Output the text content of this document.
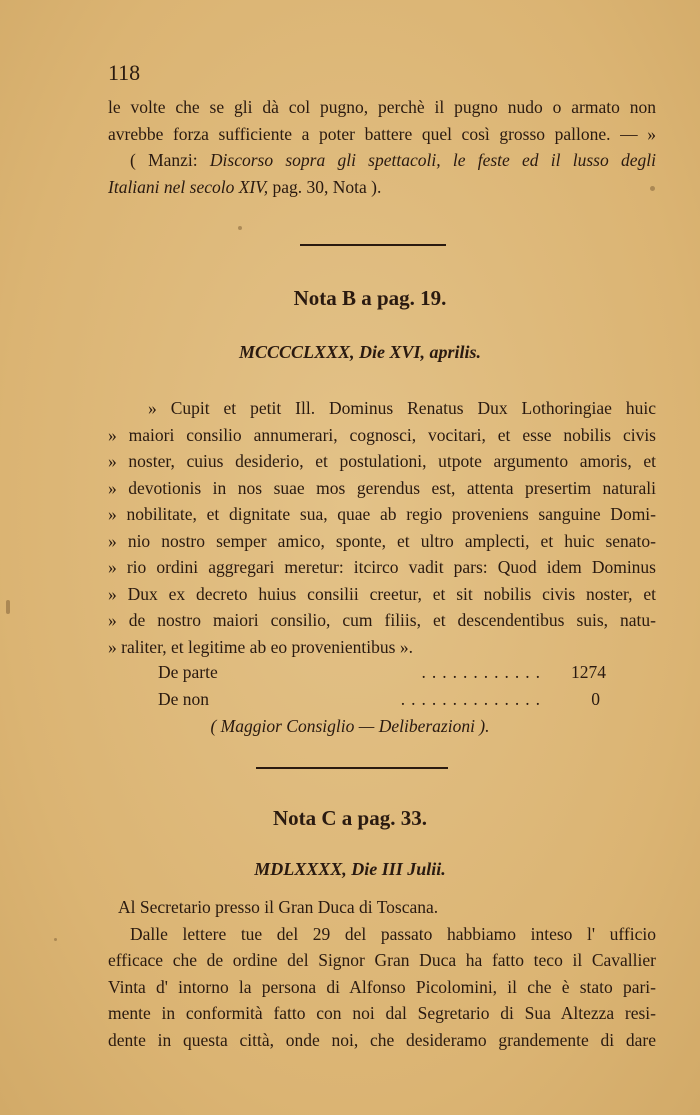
118
le volte che se gli dà col pugno, perchè il pugno nudo o armato non
avrebbe forza sufficiente a poter battere quel così grosso pallone. — »
( Manzi: Discorso sopra gli spettacoli, le feste ed il lusso degli
Italiani nel secolo XIV, pag. 30, Nota ).
Nota B a pag. 19.
MCCCCLXXX, Die XVI, aprilis.
» Cupit et petit Ill. Dominus Renatus Dux Lothoringiae huic
» maiori consilio annumerari, cognosci, vocitari, et esse nobilis civis
» noster, cuius desiderio, et postulationi, utpote argumento amoris, et
» devotionis in nos suae mos gerendus est, attenta presertim naturali
» nobilitate, et dignitate sua, quae ab regio proveniens sanguine Domi-
» nio nostro semper amico, sponte, et ultro amplecti, et huic senato-
» rio ordini aggregari meretur: itcirco vadit pars: Quod idem Dominus
» Dux ex decreto huius consilii creetur, et sit nobilis civis noster, et
» de nostro maiori consilio, cum filiis, et descendentibus suis, natu-
» raliter, et legitime ab eo provenientibus ».
De parte	............	1274
De non	..............	0
( Maggior Consiglio — Deliberazioni ).
Nota C a pag. 33.
MDLXXXX, Die III Julii.
Al Secretario presso il Gran Duca di Toscana.
Dalle lettere tue del 29 del passato habbiamo inteso l' ufficio
efficace che de ordine del Signor Gran Duca ha fatto teco il Cavallier
Vinta d' intorno la persona di Alfonso Picolomini, il che è stato pari-
mente in conformità fatto con noi dal Segretario di Sua Altezza resi-
dente in questa città, onde noi, che desideramo grandemente di dare
